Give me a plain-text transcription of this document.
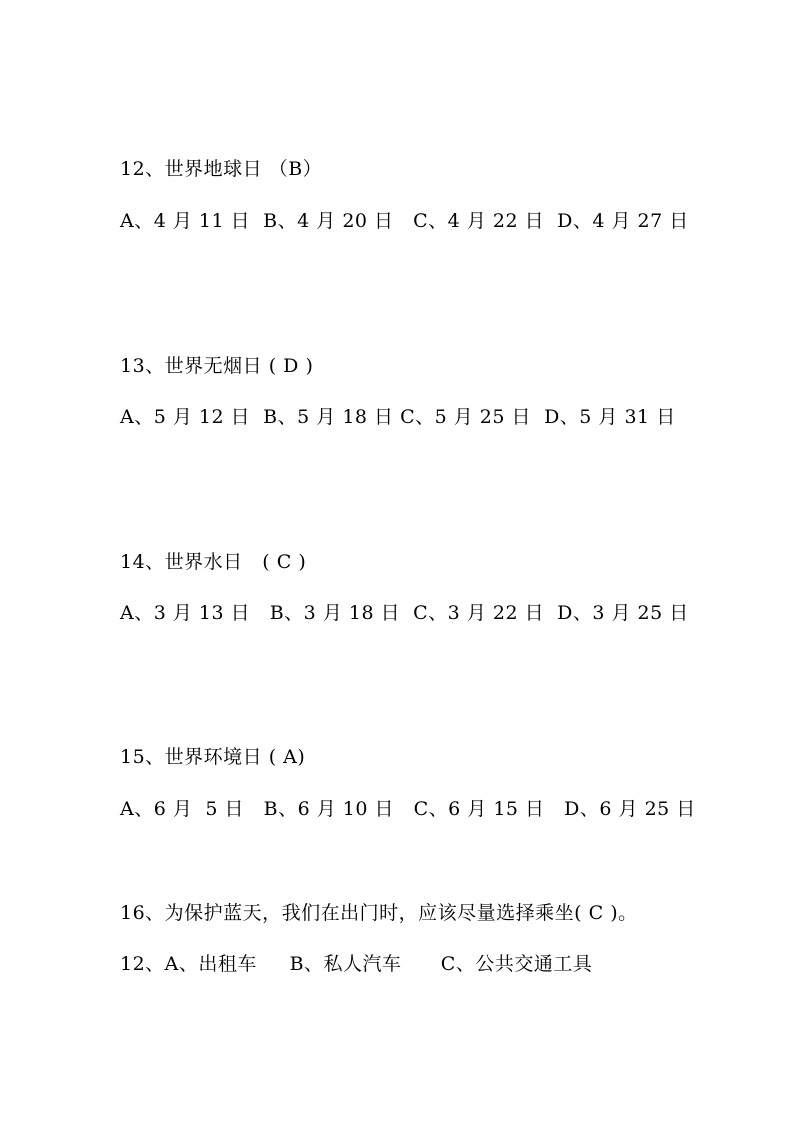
12、世界地球日 （B）
A、4 月 11 日  B、4 月 20 日   C、4 月 22 日  D、4 月 27 日
13、世界无烟日 ( D )
A、5 月 12 日  B、5 月 18 日 C、5 月 25 日  D、5 月 31 日
14、世界水日   ( C )
A、3 月 13 日   B、3 月 18 日  C、3 月 22 日  D、3 月 25 日
15、世界环境日 ( A)
A、6 月  5 日   B、6 月 10 日   C、6 月 15 日   D、6 月 25 日
16、为保护蓝天，我们在出门时，应该尽量选择乘坐( C )。
12、A、出租车     B、私人汽车      C、公共交通工具
